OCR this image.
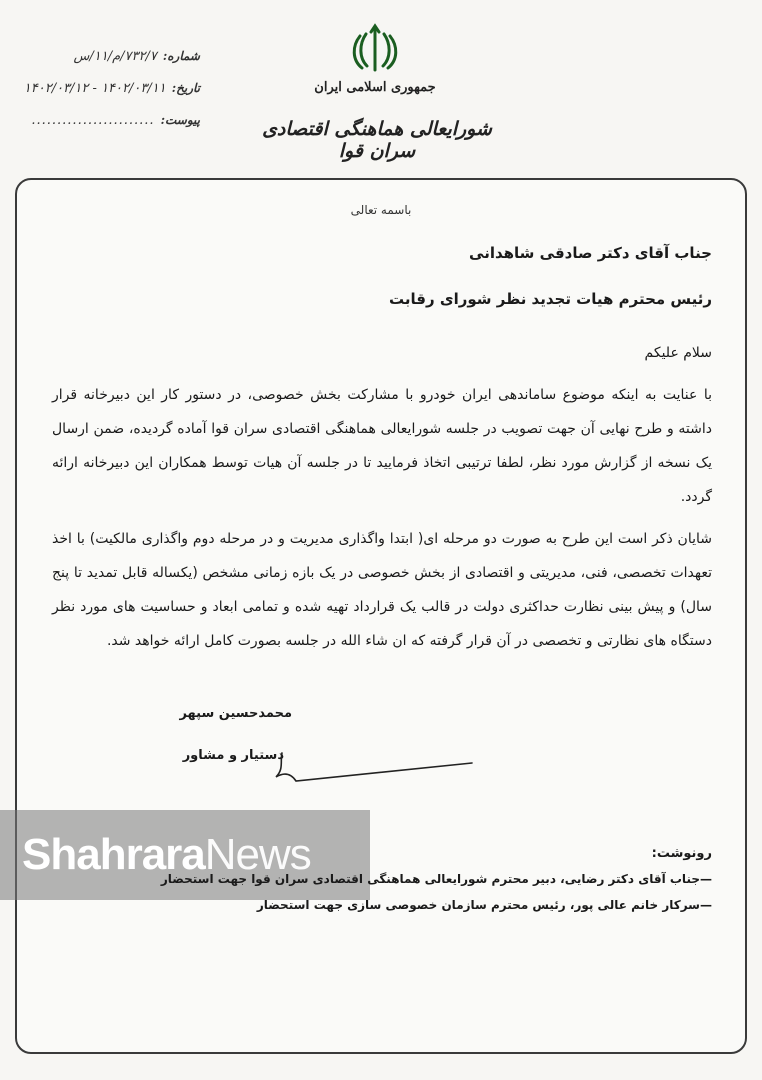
جمهوری اسلامی ایران
شورایعالی هماهنگی اقتصادی سران قوا
شماره:
۷۳۲/۷/م/۱۱/س
تاریخ:
۱۴۰۲/۰۳/۱۱ - ۱۴۰۲/۰۳/۱۲
پیوست:
........................
باسمه تعالی
جناب آقای دکتر صادقی شاهدانی
رئیس محترم هیات تجدید نظر شورای رقابت
سلام علیکم
با عنایت به اینکه موضوع ساماندهی ایران خودرو با مشارکت بخش خصوصی، در دستور کار این دبیرخانه قرار داشته و طرح نهایی آن جهت تصویب در جلسه شورایعالی هماهنگی اقتصادی سران قوا آماده گردیده، ضمن ارسال یک نسخه از گزارش مورد نظر، لطفا ترتیبی اتخاذ فرمایید تا در جلسه آن هیات توسط همکاران این دبیرخانه ارائه گردد.
شایان ذکر است این طرح به صورت دو مرحله ای( ابتدا واگذاری مدیریت و در مرحله دوم واگذاری مالکیت) با اخذ تعهدات تخصصی، فنی، مدیریتی و اقتصادی از بخش خصوصی در یک بازه زمانی مشخص (یکساله قابل تمدید تا پنج سال) و پیش بینی نظارت حداکثری دولت در قالب یک قرارداد تهیه شده و تمامی ابعاد و حساسیت های مورد نظر دستگاه های نظارتی و تخصصی در آن قرار گرفته که ان شاء الله در جلسه بصورت کامل ارائه خواهد شد.
محمدحسین سپهر
دستیار و مشاور
Shahrara News	رونوشت:
—جناب آقای دکتر رضایی، دبیر محترم شورایعالی هماهنگی اقتصادی سران قوا جهت استحضار
—سرکار خانم عالی پور، رئیس محترم سازمان خصوصی سازی جهت استحضار
